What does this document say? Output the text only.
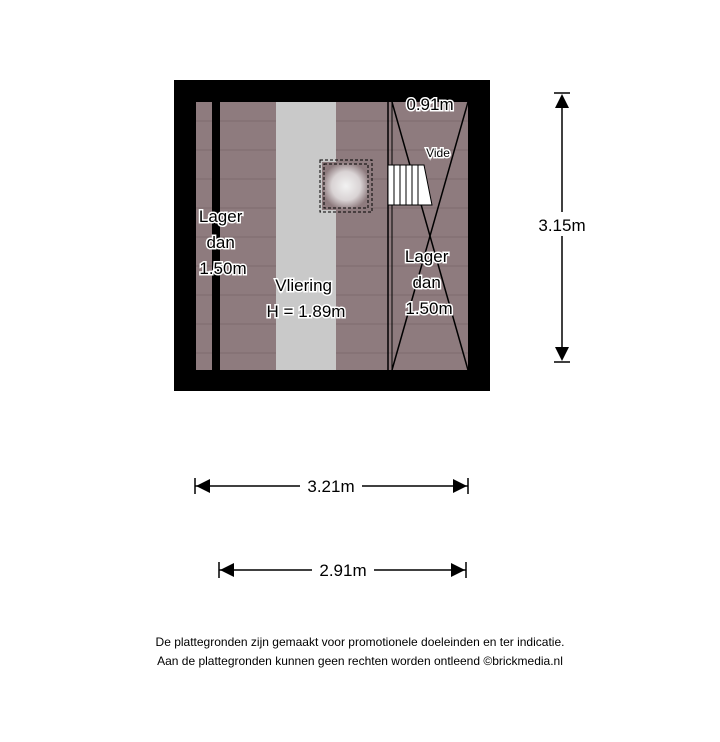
Vliering H = 1.89m
Lager dan 1.50m
Lager dan 1.50m
Vide
0.91m
3.15m
3.21m
2.91m
De plattegronden zijn gemaakt voor promotionele doeleinden en ter indicatie.
Aan de plattegronden kunnen geen rechten worden ontleend ©brickmedia.nl
